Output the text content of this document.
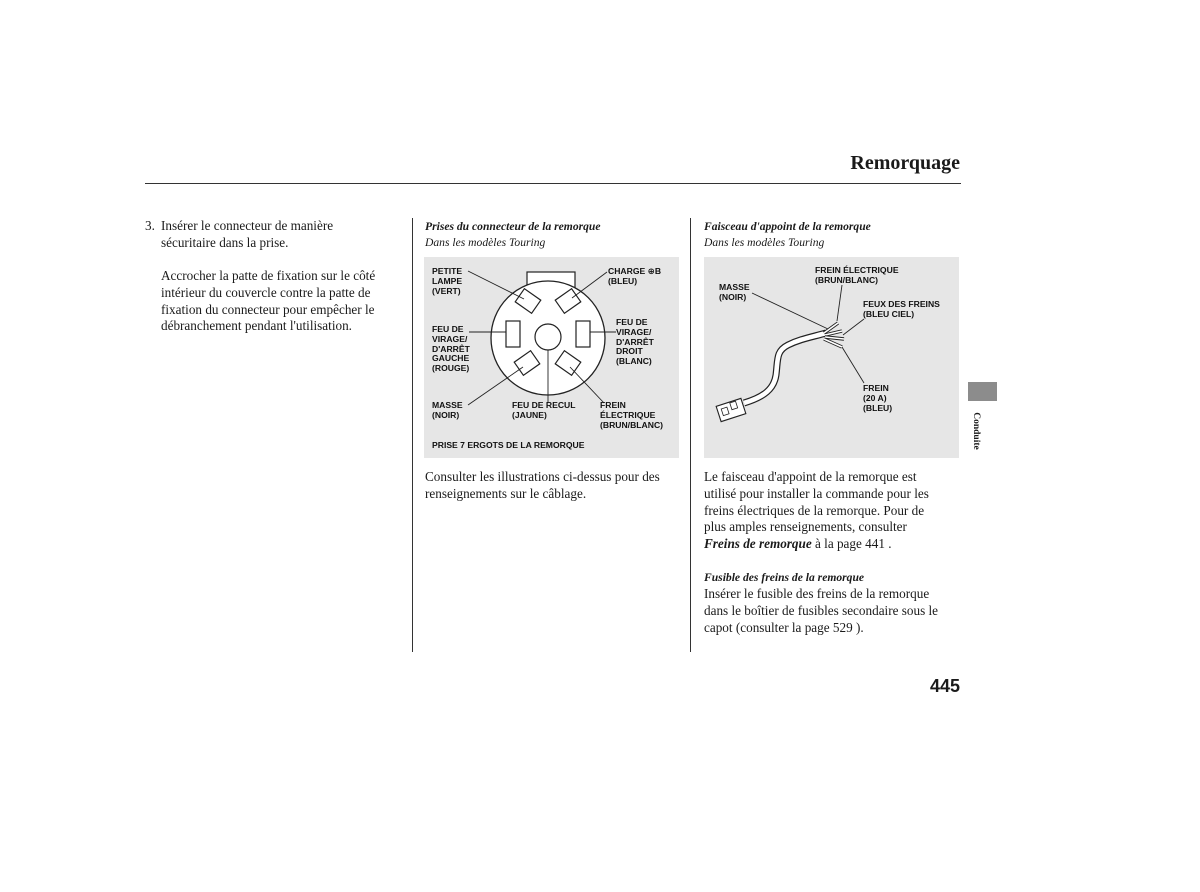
Remorquage
3. Insérer le connecteur de manière
sécuritaire dans la prise.
Accrocher la patte de fixation sur le côté
intérieur du couvercle contre la patte de
fixation du connecteur pour empêcher le
débranchement pendant l'utilisation.
Prises du connecteur de la remorque
Dans les modèles Touring
PETITE
LAMPE
(VERT)
CHARGE ⊕B
(BLEU)
FEU DE
VIRAGE/
D'ARRÊT
GAUCHE
(ROUGE)
FEU DE
VIRAGE/
D'ARRÊT
DROIT
(BLANC)
MASSE
(NOIR)
FEU DE RECUL
(JAUNE)
FREIN
ÉLECTRIQUE
(BRUN/BLANC)
PRISE 7 ERGOTS DE LA REMORQUE
Consulter les illustrations ci-dessus pour des
renseignements sur le câblage.
Faisceau d'appoint de la remorque
Dans les modèles Touring
FREIN ÉLECTRIQUE
(BRUN/BLANC)
MASSE
(NOIR)
FEUX DES FREINS
(BLEU CIEL)
FREIN
(20 A)
(BLEU)
Le faisceau d'appoint de la remorque est
utilisé pour installer la commande pour les
freins électriques de la remorque. Pour de
plus amples renseignements, consulter
Freins de remorque à la page 441 .
Fusible des freins de la remorque
Insérer le fusible des freins de la remorque
dans le boîtier de fusibles secondaire sous le
capot (consulter la page 529 ).
445
Conduite
